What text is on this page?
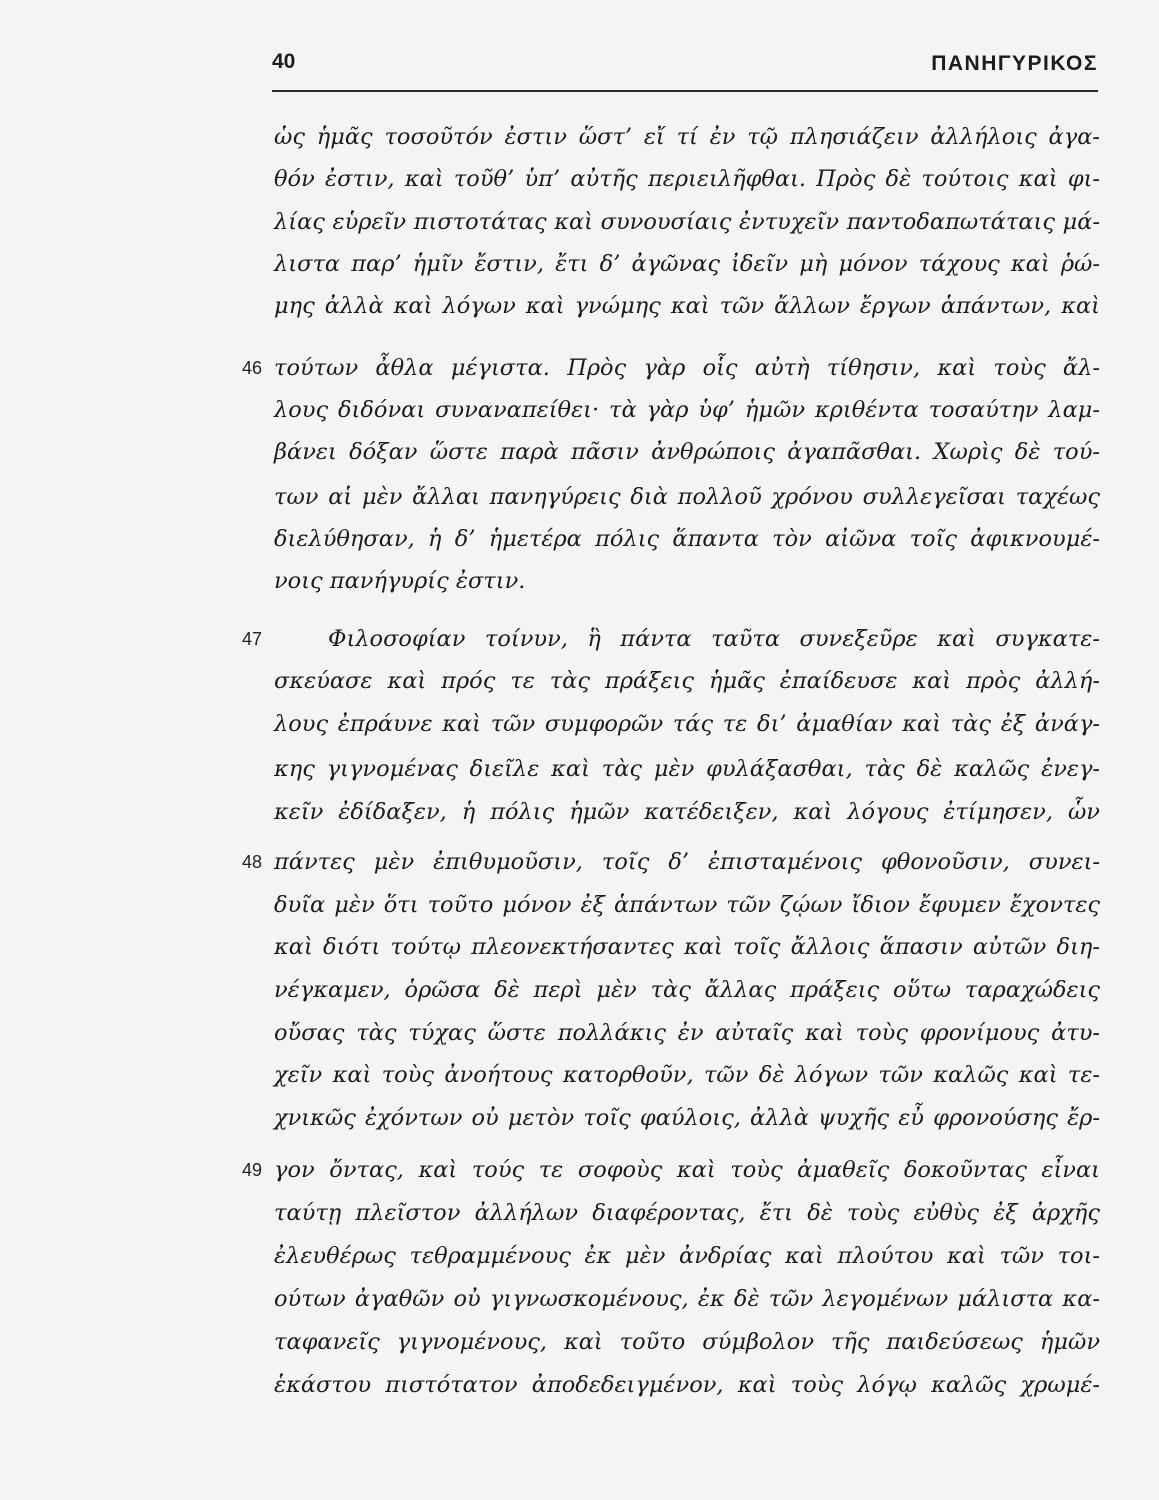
40	ΠΑΝΗΓΥΡΙΚΟΣ
ὡς ἡμᾶς τοσοῦτόν ἐστιν ὥστ’ εἴ τί ἐν τῷ πλησιάζειν ἀλλήλοις ἀγα-
θόν ἐστιν, καὶ τοῦθ’ ὑπ’ αὐτῆς περιειλῆφθαι. Πρὸς δὲ τούτοις καὶ φι-
λίας εὑρεῖν πιστοτάτας καὶ συνουσίαις ἐντυχεῖν παντοδαπωτάταις μά-
λιστα παρ’ ἡμῖν ἔστιν, ἔτι δ’ ἀγῶνας ἰδεῖν μὴ μόνον τάχους καὶ ῥώ-
μης ἀλλὰ καὶ λόγων καὶ γνώμης καὶ τῶν ἄλλων ἔργων ἁπάντων, καὶ
46 τούτων ἆθλα μέγιστα. Πρὸς γὰρ οἷς αὐτὴ τίθησιν, καὶ τοὺς ἄλ-
λους διδόναι συναναπείθει· τὰ γὰρ ὑφ’ ἡμῶν κριθέντα τοσαύτην λαμ-
βάνει δόξαν ὥστε παρὰ πᾶσιν ἀνθρώποις ἀγαπᾶσθαι. Χωρὶς δὲ τού-
των αἱ μὲν ἄλλαι πανηγύρεις διὰ πολλοῦ χρόνου συλλεγεῖσαι ταχέως
διελύθησαν, ἡ δ’ ἡμετέρα πόλις ἅπαντα τὸν αἰῶνα τοῖς ἀφικνουμέ-
νοις πανήγυρίς ἐστιν.
47	Φιλοσοφίαν τοίνυν, ἣ πάντα ταῦτα συνεξεῦρε καὶ συγκατε-
σκεύασε καὶ πρός τε τὰς πράξεις ἡμᾶς ἐπαίδευσε καὶ πρὸς ἀλλή-
λους ἐπράυνε καὶ τῶν συμφορῶν τάς τε δι’ ἀμαθίαν καὶ τὰς ἐξ ἀνάγ-
κης γιγνομένας διεῖλε καὶ τὰς μὲν φυλάξασθαι, τὰς δὲ καλῶς ἐνεγ-
κεῖν ἐδίδαξεν, ἡ πόλις ἡμῶν κατέδειξεν, καὶ λόγους ἐτίμησεν, ὧν
48 πάντες μὲν ἐπιθυμοῦσιν, τοῖς δ’ ἐπισταμένοις φθονοῦσιν, συνει-
δυῖα μὲν ὅτι τοῦτο μόνον ἐξ ἁπάντων τῶν ζῴων ἴδιον ἔφυμεν ἔχοντες
καὶ διότι τούτῳ πλεονεκτήσαντες καὶ τοῖς ἄλλοις ἅπασιν αὐτῶν διη-
νέγκαμεν, ὁρῶσα δὲ περὶ μὲν τὰς ἄλλας πράξεις οὕτω ταραχώδεις
οὔσας τὰς τύχας ὥστε πολλάκις ἐν αὐταῖς καὶ τοὺς φρονίμους ἀτυ-
χεῖν καὶ τοὺς ἀνοήτους κατορθοῦν, τῶν δὲ λόγων τῶν καλῶς καὶ τε-
χνικῶς ἐχόντων οὐ μετὸν τοῖς φαύλοις, ἀλλὰ ψυχῆς εὖ φρονούσης ἔρ-
49 γον ὄντας, καὶ τούς τε σοφοὺς καὶ τοὺς ἀμαθεῖς δοκοῦντας εἶναι
ταύτῃ πλεῖστον ἀλλήλων διαφέροντας, ἔτι δὲ τοὺς εὐθὺς ἐξ ἀρχῆς
ἐλευθέρως τεθραμμένους ἐκ μὲν ἀνδρίας καὶ πλούτου καὶ τῶν τοι-
ούτων ἀγαθῶν οὐ γιγνωσκομένους, ἐκ δὲ τῶν λεγομένων μάλιστα κα-
ταφανεῖς γιγνομένους, καὶ τοῦτο σύμβολον τῆς παιδεύσεως ἡμῶν
ἑκάστου πιστότατον ἀποδεδειγμένον, καὶ τοὺς λόγῳ καλῶς χρωμέ-
